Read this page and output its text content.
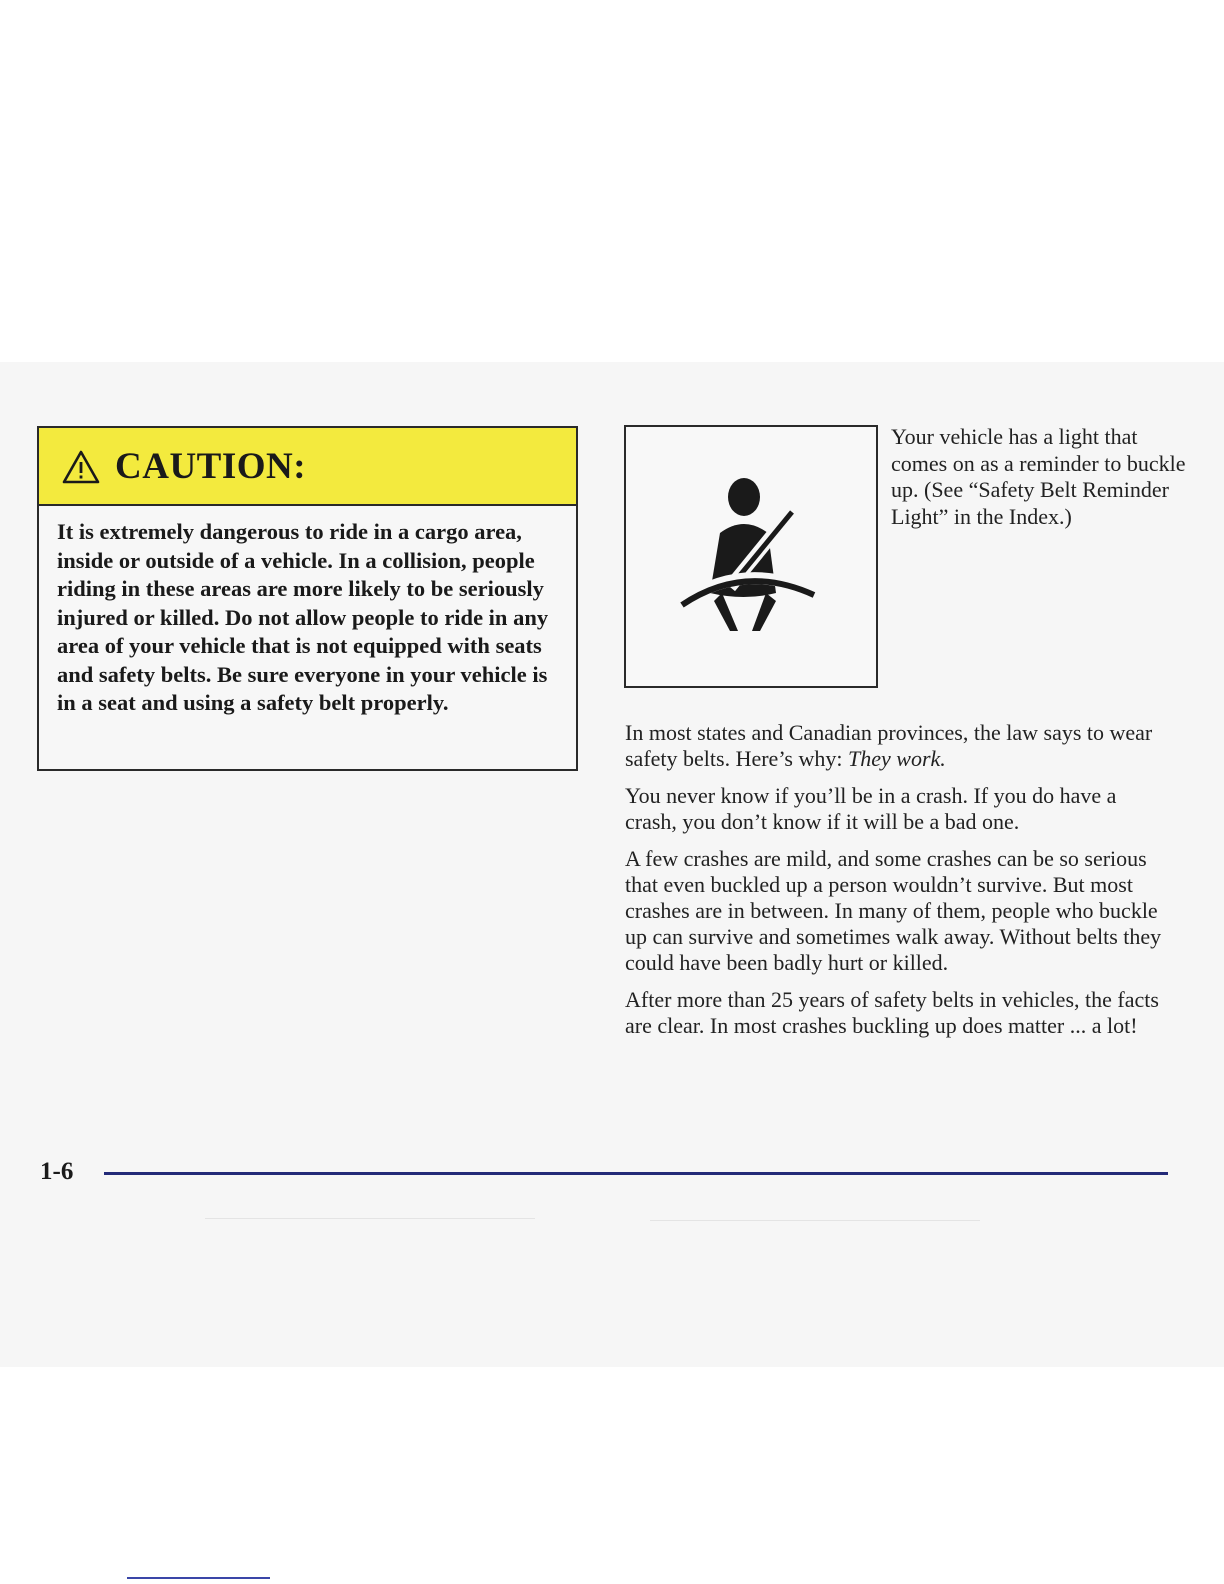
CAUTION:
It is extremely dangerous to ride in a cargo area, inside or outside of a vehicle. In a collision, people riding in these areas are more likely to be seriously injured or killed. Do not allow people to ride in any area of your vehicle that is not equipped with seats and safety belts. Be sure everyone in your vehicle is in a seat and using a safety belt properly.
Your vehicle has a light that comes on as a reminder to buckle up. (See “Safety Belt Reminder Light” in the Index.)

In most states and Canadian provinces, the law says to wear safety belts. Here’s why: They work.

You never know if you’ll be in a crash. If you do have a crash, you don’t know if it will be a bad one.

A few crashes are mild, and some crashes can be so serious that even buckled up a person wouldn’t survive. But most crashes are in between. In many of them, people who buckle up can survive and sometimes walk away. Without belts they could have been badly hurt or killed.

After more than 25 years of safety belts in vehicles, the facts are clear. In most crashes buckling up does matter ... a lot!

1-6
